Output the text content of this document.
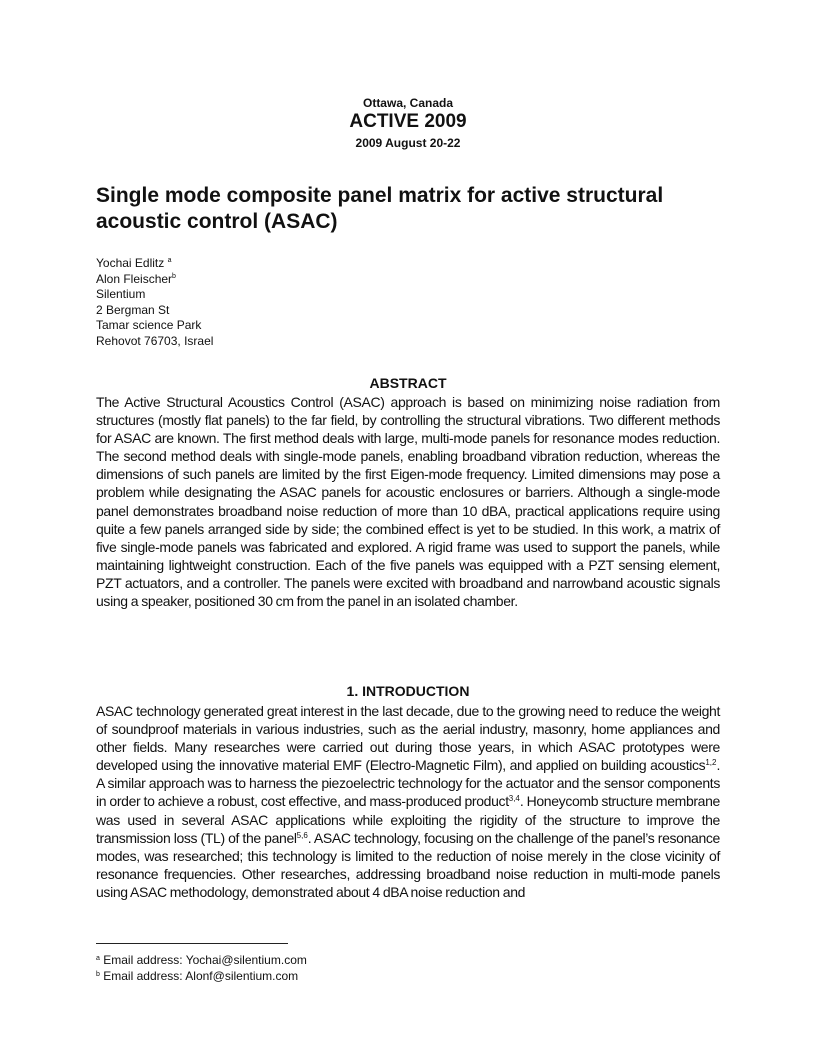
Ottawa, Canada
ACTIVE 2009
2009 August 20-22
Single mode composite panel matrix for active structural acoustic control (ASAC)
Yochai Edlitz $^a$
Alon Fleischer$^b$
Silentium
2 Bergman St
Tamar science Park
Rehovot 76703, Israel
ABSTRACT

The Active Structural Acoustics Control (ASAC) approach is based on minimizing noise radiation from structures (mostly flat panels) to the far field, by controlling the structural vibrations. Two different methods for ASAC are known. The first method deals with large, multi-mode panels for resonance modes reduction. The second method deals with single-mode panels, enabling broadband vibration reduction, whereas the dimensions of such panels are limited by the first Eigen-mode frequency. Limited dimensions may pose a problem while designating the ASAC panels for acoustic enclosures or barriers. Although a single-mode panel demonstrates broadband noise reduction of more than 10 dBA, practical applications require using quite a few panels arranged side by side; the combined effect is yet to be studied. In this work, a matrix of five single-mode panels was fabricated and explored. A rigid frame was used to support the panels, while maintaining lightweight construction. Each of the five panels was equipped with a PZT sensing element, PZT actuators, and a controller. The panels were excited with broadband and narrowband acoustic signals using a speaker, positioned 30 cm from the panel in an isolated chamber.

1. INTRODUCTION

ASAC technology generated great interest in the last decade, due to the growing need to reduce the weight of soundproof materials in various industries, such as the aerial industry, masonry, home appliances and other fields. Many researches were carried out during those years, in which ASAC prototypes were developed using the innovative material EMF (Electro-Magnetic Film), and applied on building acoustics$^{1,2}$. A similar approach was to harness the piezoelectric technology for the actuator and the sensor components in order to achieve a robust, cost effective, and mass-produced product$^{3,4}$. Honeycomb structure membrane was used in several ASAC applications while exploiting the rigidity of the structure to improve the transmission loss (TL) of the panel$^{5,6}$. ASAC technology, focusing on the challenge of the panel’s resonance modes, was researched; this technology is limited to the reduction of noise merely in the close vicinity of resonance frequencies. Other researches, addressing broadband noise reduction in multi-mode panels using ASAC methodology, demonstrated about 4 dBA noise reduction and

$^a$ Email address: Yochai@silentium.com
$^b$ Email address: Alonf@silentium.com
